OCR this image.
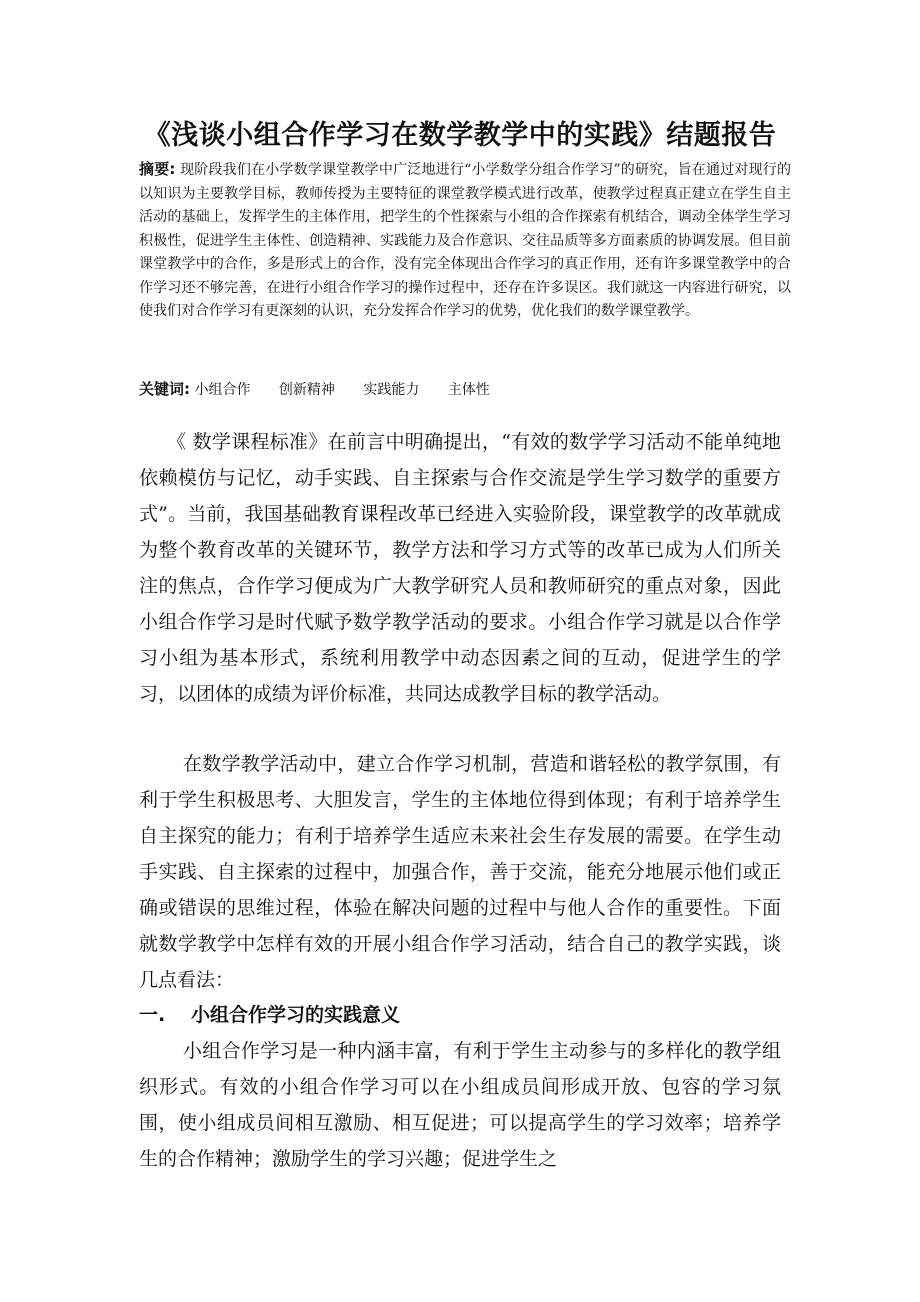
《浅谈小组合作学习在数学教学中的实践》结题报告
摘要: 现阶段我们在小学数学课堂教学中广泛地进行“小学数学分组合作学习”的研究，旨在通过对现行的以知识为主要教学目标，教师传授为主要特征的课堂教学模式进行改革，使教学过程真正建立在学生自主活动的基础上，发挥学生的主体作用，把学生的个性探索与小组的合作探索有机结合，调动全体学生学习积极性，促进学生主体性、创造精神、实践能力及合作意识、交往品质等多方面素质的协调发展。但目前课堂教学中的合作，多是形式上的合作，没有完全体现出合作学习的真正作用，还有许多课堂教学中的合作学习还不够完善，在进行小组合作学习的操作过程中，还存在许多误区。我们就这一内容进行研究，以使我们对合作学习有更深刻的认识，充分发挥合作学习的优势，优化我们的数学课堂教学。
关键词: 小组合作 创新精神 实践能力 主体性
《 数学课程标准》在前言中明确提出，“有效的数学学习活动不能单纯地依赖模仿与记忆，动手实践、自主探索与合作交流是学生学习数学的重要方式”。当前，我国基础教育课程改革已经进入实验阶段，课堂教学的改革就成为整个教育改革的关键环节，教学方法和学习方式等的改革已成为人们所关注的焦点，合作学习便成为广大教学研究人员和教师研究的重点对象，因此小组合作学习是时代赋予数学教学活动的要求。小组合作学习就是以合作学习小组为基本形式，系统利用教学中动态因素之间的互动，促进学生的学习，以团体的成绩为评价标准，共同达成教学目标的教学活动。
在数学教学活动中，建立合作学习机制，营造和谐轻松的教学氛围，有利于学生积极思考、大胆发言，学生的主体地位得到体现；有利于培养学生自主探究的能力；有利于培养学生适应未来社会生存发展的需要。在学生动手实践、自主探索的过程中，加强合作，善于交流，能充分地展示他们或正确或错误的思维过程，体验在解决问题的过程中与他人合作的重要性。下面就数学教学中怎样有效的开展小组合作学习活动，结合自己的教学实践，谈几点看法：
一. 小组合作学习的实践意义
小组合作学习是一种内涵丰富，有利于学生主动参与的多样化的教学组织形式。有效的小组合作学习可以在小组成员间形成开放、包容的学习氛围，使小组成员间相互激励、相互促进；可以提高学生的学习效率；培养学生的合作精神；激励学生的学习兴趣；促进学生之
